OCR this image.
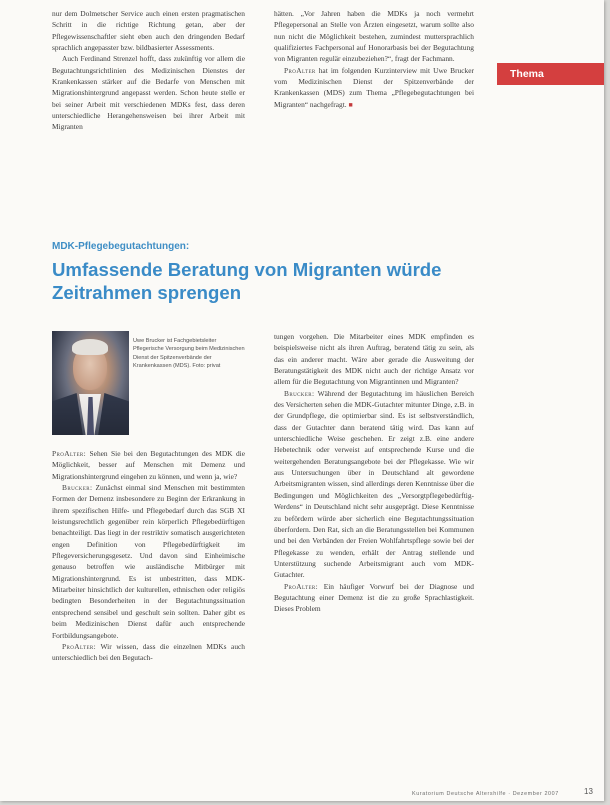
Thema

nur dem Dolmetscher Service auch einen ersten pragmatischen Schritt in die richtige Richtung getan, aber der Pflegewissenschaftler sieht eben auch den dringenden Bedarf sprachlich angepasster bzw. bildbasierter Assessments.

Auch Ferdinand Strenzel hofft, dass zukünftig vor allem die Begutachtungsrichtlinien des Medizinischen Dienstes der Krankenkassen stärker auf die Bedarfe von Menschen mit Migrationshintergrund angepasst werden. Schon heute stelle er bei seiner Arbeit mit verschiedenen MDKs fest, dass deren unterschiedliche Herangehensweisen bei ihrer Arbeit mit Migranten

hätten. „Vor Jahren haben die MDKs ja noch vermehrt Pflegepersonal an Stelle von Ärzten eingesetzt, warum sollte also nun nicht die Möglichkeit bestehen, zumindest muttersprachlich qualifiziertes Fachpersonal auf Honorarbasis bei der Begutachtung von Migranten regulär einzubeziehen?“, fragt der Fachmann.

ProAlter hat im folgenden Kurzinterview mit Uwe Brucker vom Medizinischen Dienst der Spitzenverbände der Krankenkassen (MDS) zum Thema „Pflegebegutachtungen bei Migranten“ nachgefragt. ■

MDK-Pflegebegutachtungen:
Umfassende Beratung von Migranten würde Zeitrahmen sprengen
Uwe Brucker ist Fachgebietsleiter Pflegerische Versorgung beim Medizinischen Dienst der Spitzenverbände der Krankenkassen (MDS). Foto: privat

ProAlter: Sehen Sie bei den Begutachtungen des MDK die Möglichkeit, besser auf Menschen mit Demenz und Migrationshintergrund eingehen zu können, und wenn ja, wie?

Brucker: Zunächst einmal sind Menschen mit bestimmten Formen der Demenz insbesondere zu Beginn der Erkrankung in ihrem spezifischen Hilfe- und Pflegebedarf durch das SGB XI leistungsrechtlich gegenüber rein körperlich Pflegebedürftigen benachteiligt. Das liegt in der restriktiv somatisch ausgerichteten engen Definition von Pflegebedürftigkeit im Pflegeversicherungsgesetz. Und davon sind Einheimische genauso betroffen wie ausländische Mitbürger mit Migrationshintergrund. Es ist unbestritten, dass MDK-Mitarbeiter hinsichtlich der kulturellen, ethnischen oder religiös bedingten Besonderheiten in der Begutachtungssituation entsprechend sensibel und geschult sein sollten. Daher gibt es beim Medizinischen Dienst dafür auch entsprechende Fortbildungsangebote.

ProAlter: Wir wissen, dass die einzelnen MDKs auch unterschiedlich bei den Begutach-

tungen vorgehen. Die Mitarbeiter eines MDK empfinden es beispielsweise nicht als ihren Auftrag, beratend tätig zu sein, als das ein anderer macht. Wäre aber gerade die Ausweitung der Beratungstätigkeit des MDK nicht auch der richtige Ansatz vor allem für die Begutachtung von Migrantinnen und Migranten?

Brucker: Während der Begutachtung im häuslichen Bereich des Versicherten sehen die MDK-Gutachter mitunter Dinge, z.B. in der Grundpflege, die optimierbar sind. Es ist selbstverständlich, dass der Gutachter dann beratend tätig wird. Das kann auf unterschiedliche Weise geschehen. Er zeigt z.B. eine andere Hebetechnik oder verweist auf entsprechende Kurse und die weitergehenden Beratungsangebote bei der Pflegekasse. Wie wir aus Untersuchungen über in Deutschland alt gewordene Arbeitsmigranten wissen, sind allerdings deren Kenntnisse über die Bedingungen und Möglichkeiten des „Versorgtpflegebedürftig-Werdens“ in Deutschland nicht sehr ausgeprägt. Diese Kenntnisse zu befördern würde aber sicherlich eine Begutachtungssituation überfordern. Den Rat, sich an die Beratungsstellen bei Kommunen und bei den Verbänden der Freien Wohlfahrtspflege sowie bei der Pflegekasse zu wenden, erhält der Antrag stellende und Unterstützung suchende Arbeitsmigrant auch vom MDK-Gutachter.

ProAlter: Ein häufiger Vorwurf bei der Diagnose und Begutachtung einer Demenz ist die zu große Sprachlastigkeit. Dieses Problem

Kuratorium Deutsche Altershilfe · Dezember 2007	13
